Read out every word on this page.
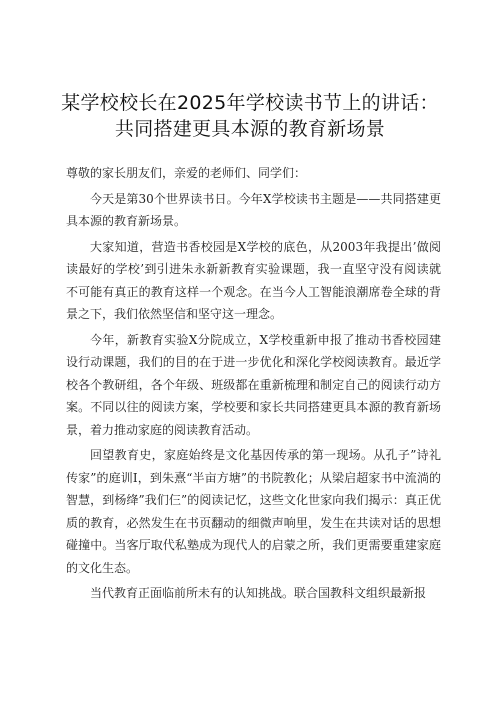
某学校校长在2025年学校读书节上的讲话：
共同搭建更具本源的教育新场景

尊敬的家长朋友们，亲爱的老师们、同学们：

今天是第30个世界读书日。今年X学校读书主题是——共同搭建更具本源的教育新场景。

大家知道，营造书香校园是X学校的底色，从2003年我提出’做阅读最好的学校’到引进朱永新新教育实验课题，我一直坚守没有阅读就不可能有真正的教育这样一个观念。在当今人工智能浪潮席卷全球的背景之下，我们依然坚信和坚守这一理念。

今年，新教育实验X分院成立，X学校重新申报了推动书香校园建设行动课题，我们的目的在于进一步优化和深化学校阅读教育。最近学校各个教研组，各个年级、班级都在重新梳理和制定自己的阅读行动方案。不同以往的阅读方案，学校要和家长共同搭建更具本源的教育新场景，着力推动家庭的阅读教育活动。

回望教育史，家庭始终是文化基因传承的第一现场。从孔子”诗礼传家”的庭训I，到朱熹“半亩方塘”的书院教化；从梁启超家书中流淌的智慧，到杨绛”我们仨”的阅读记忆，这些文化世家向我们揭示：真正优质的教育，必然发生在书页翻动的细微声响里，发生在共读对话的思想碰撞中。当客厅取代私塾成为现代人的启蒙之所，我们更需要重建家庭的文化生态。

当代教育正面临前所未有的认知挑战。联合国教科文组织最新报
